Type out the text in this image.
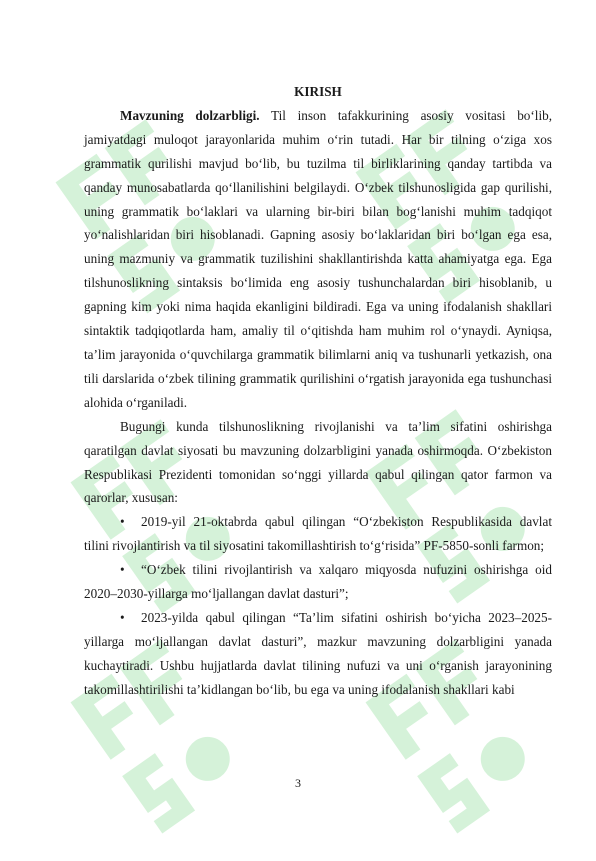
KIRISH

Mavzuning dolzarbligi. Til inson tafakkurining asosiy vositasi bo‘lib, jamiyatdagi muloqot jarayonlarida muhim o‘rin tutadi. Har bir tilning o‘ziga xos grammatik qurilishi mavjud bo‘lib, bu tuzilma til birliklarining qanday tartibda va qanday munosabatlarda qo‘llanilishini belgilaydi. O‘zbek tilshunosligida gap qurilishi, uning grammatik bo‘laklari va ularning bir-biri bilan bog‘lanishi muhim tadqiqot yo‘nalishlaridan biri hisoblanadi. Gapning asosiy bo‘laklaridan biri bo‘lgan ega esa, uning mazmuniy va grammatik tuzilishini shakllantirishda katta ahamiyatga ega. Ega tilshunoslikning sintaksis bo‘limida eng asosiy tushunchalardan biri hisoblanib, u gapning kim yoki nima haqida ekanligini bildiradi. Ega va uning ifodalanish shakllari sintaktik tadqiqotlarda ham, amaliy til o‘qitishda ham muhim rol o‘ynaydi. Ayniqsa, ta’lim jarayonida o‘quvchilarga grammatik bilimlarni aniq va tushunarli yetkazish, ona tili darslarida o‘zbek tilining grammatik qurilishini o‘rgatish jarayonida ega tushunchasi alohida o‘rganiladi.

Bugungi kunda tilshunoslikning rivojlanishi va ta’lim sifatini oshirishga qaratilgan davlat siyosati bu mavzuning dolzarbligini yanada oshirmoqda. O‘zbekiston Respublikasi Prezidenti tomonidan so‘nggi yillarda qabul qilingan qator farmon va qarorlar, xususan:

• 2019-yil 21-oktabrda qabul qilingan “O‘zbekiston Respublikasida davlat tilini rivojlantirish va til siyosatini takomillashtirish to‘g‘risida” PF-5850-sonli farmon;

• “O‘zbek tilini rivojlantirish va xalqaro miqyosda nufuzini oshirishga oid 2020–2030-yillarga mo‘ljallangan davlat dasturi”;

• 2023-yilda qabul qilingan “Ta’lim sifatini oshirish bo‘yicha 2023–2025-yillarga mo‘ljallangan davlat dasturi”, mazkur mavzuning dolzarbligini yanada kuchaytiradi. Ushbu hujjatlarda davlat tilining nufuzi va uni o‘rganish jarayonining takomillashtirilishi ta’kidlangan bo‘lib, bu ega va uning ifodalanish shakllari kabi

3
